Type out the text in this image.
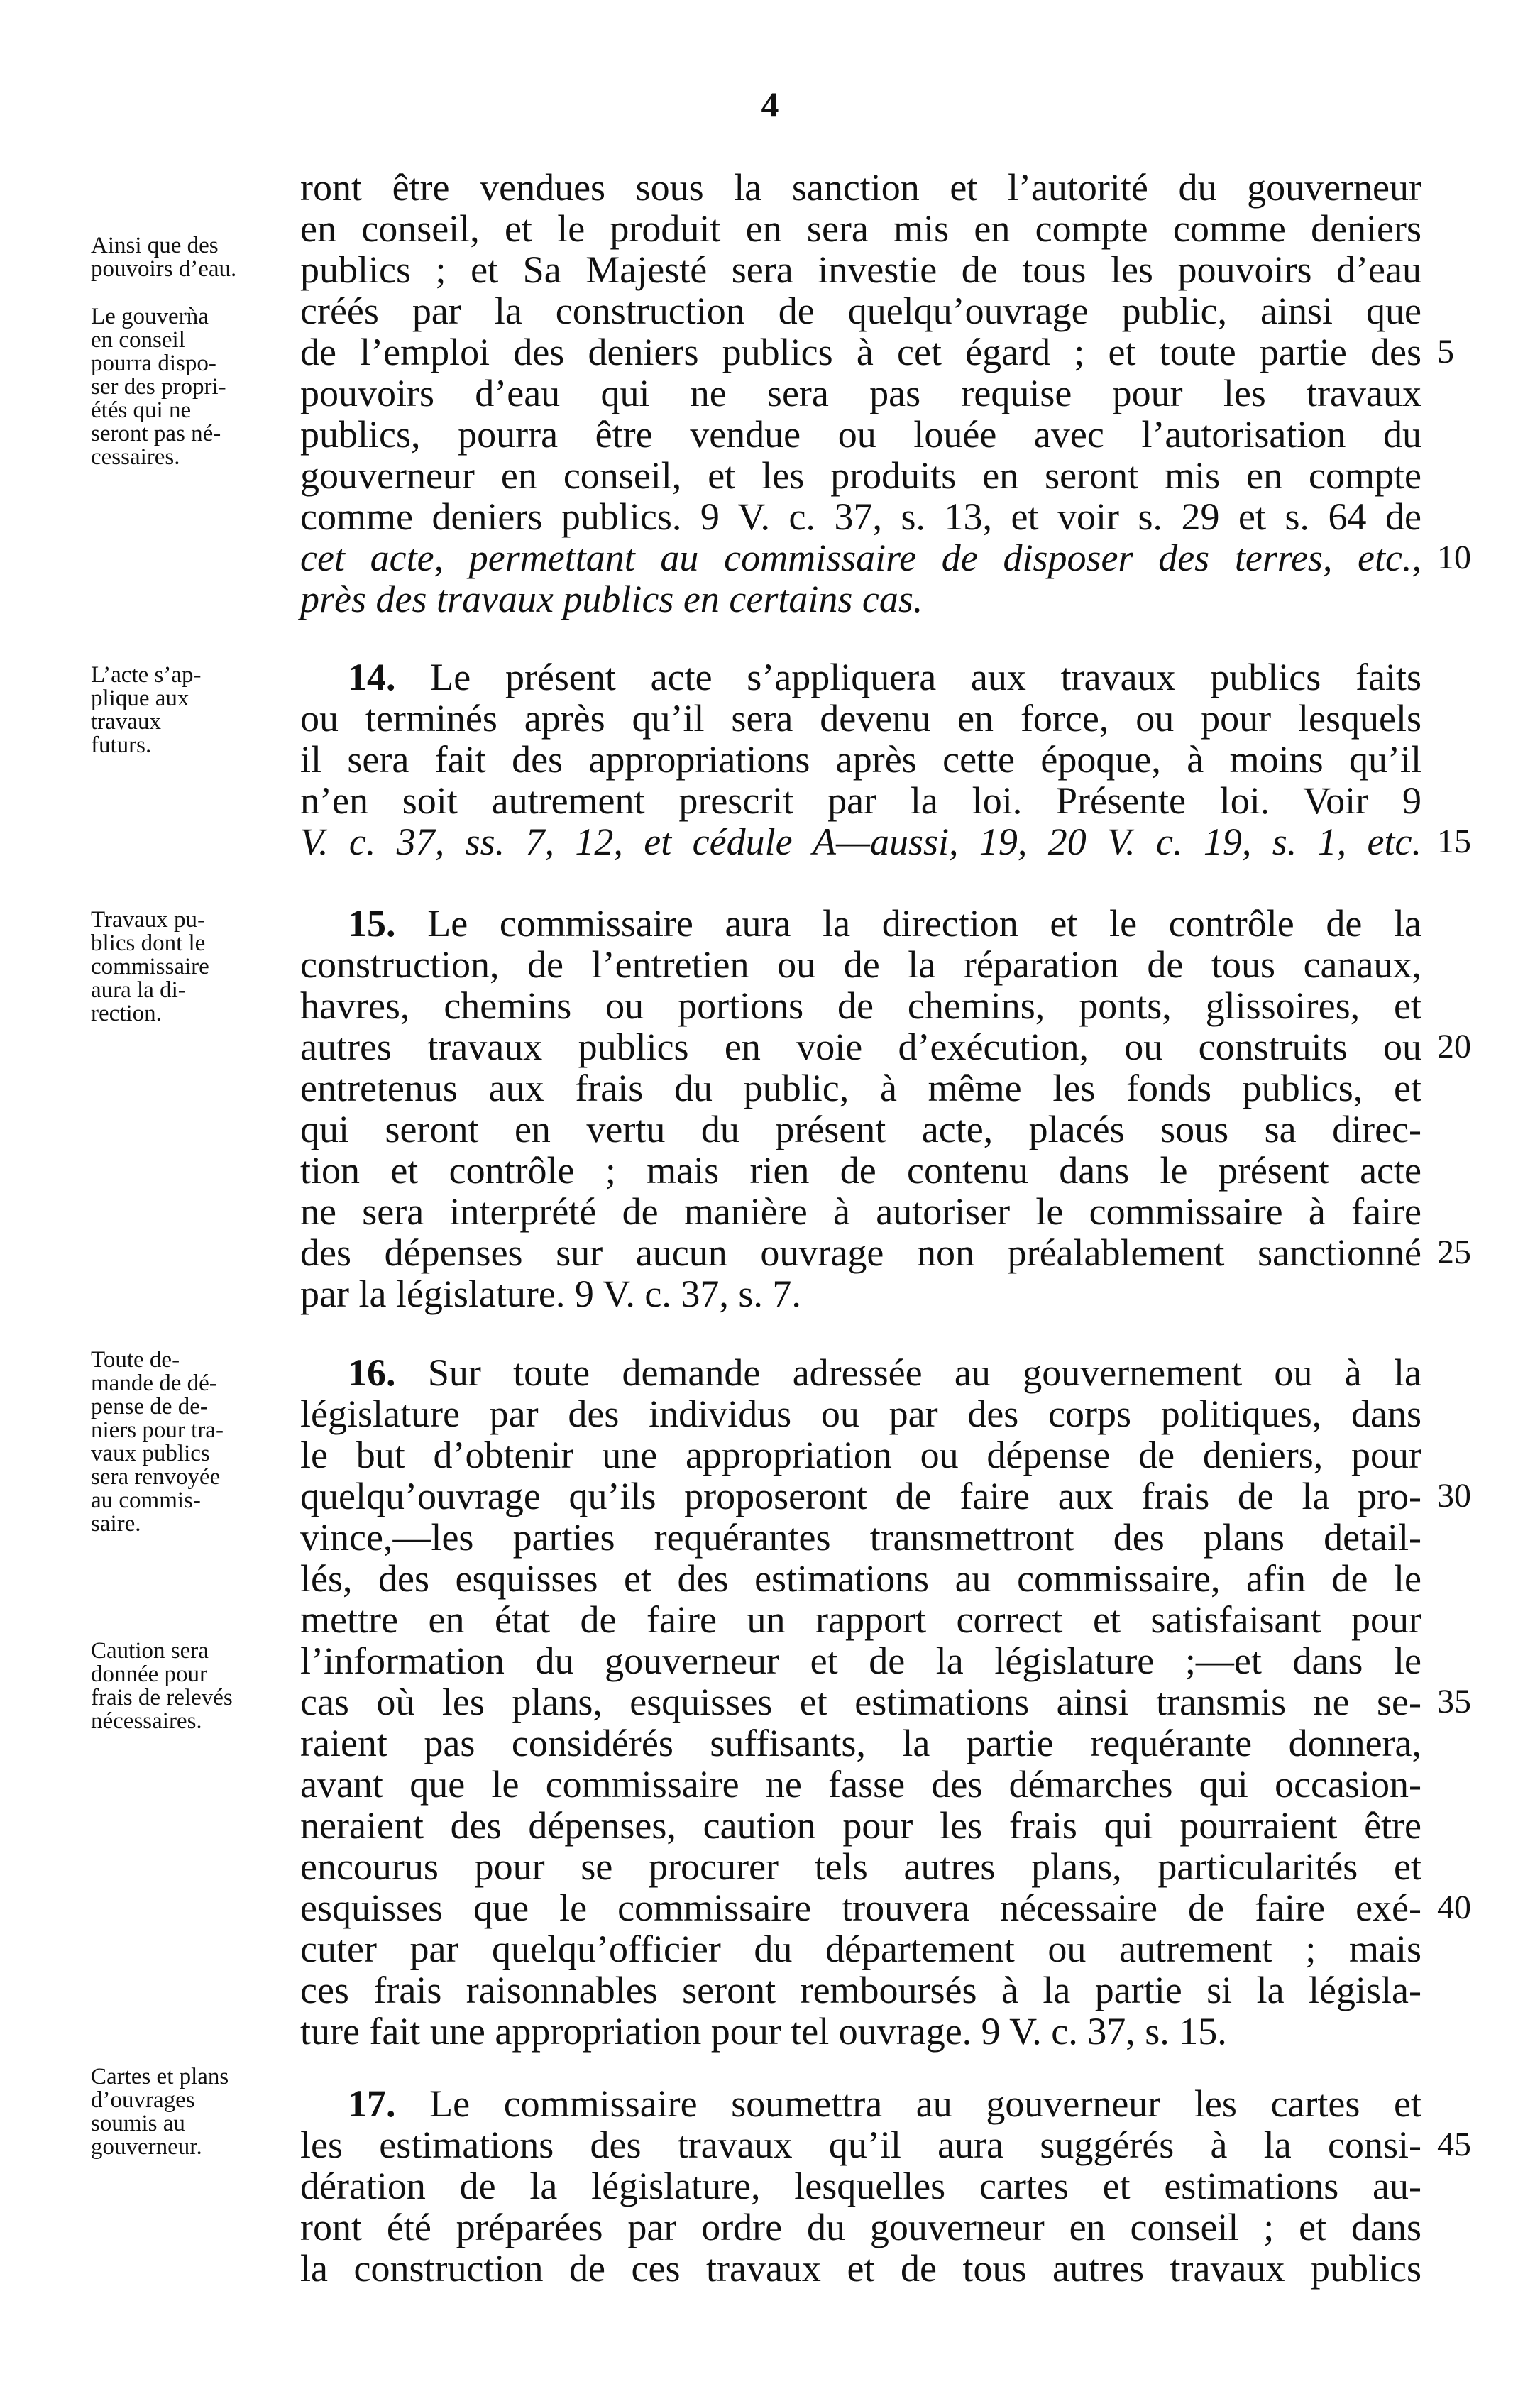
4
Ainsi que des
pouvoirs d’eau.
Le gouverǹa
en conseil
pourra dispo-
ser des propri-
étés qui ne
seront pas né-
cessaires.
L’acte s’ap-
plique aux
travaux
futurs.
Travaux pu-
blics dont le
commissaire
aura la di-
rection.
Toute de-
mande de dé-
pense de de-
niers pour tra-
vaux publics
sera renvoyée
au commis-
saire.
Caution sera
donnée pour
frais de relevés
nécessaires.
Cartes et plans
d’ouvrages
soumis au
gouverneur.
ront être vendues sous la sanction et l’autorité du gouverneur
en conseil, et le produit en sera mis en compte comme deniers
publics ; et Sa Majesté sera investie de tous les pouvoirs d’eau
créés par la construction de quelqu’ouvrage public, ainsi que
de l’emploi des deniers publics à cet égard ; et toute partie des
pouvoirs d’eau qui ne sera pas requise pour les travaux
publics, pourra être vendue ou louée avec l’autorisation du
gouverneur en conseil, et les produits en seront mis en compte
comme deniers publics. 9 V. c. 37, s. 13, et voir s. 29 et s. 64 de
cet acte, permettant au commissaire de disposer des terres, etc.,
près des travaux publics en certains cas.
14. Le présent acte s’appliquera aux travaux publics faits
ou terminés après qu’il sera devenu en force, ou pour lesquels
il sera fait des appropriations après cette époque, à moins qu’il
n’en soit autrement prescrit par la loi. Présente loi. Voir 9
V. c. 37, ss. 7, 12, et cédule A—aussi, 19, 20 V. c. 19, s. 1, etc.
15. Le commissaire aura la direction et le contrôle de la
construction, de l’entretien ou de la réparation de tous canaux,
havres, chemins ou portions de chemins, ponts, glissoires, et
autres travaux publics en voie d’exécution, ou construits ou
entretenus aux frais du public, à même les fonds publics, et
qui seront en vertu du présent acte, placés sous sa direc-
tion et contrôle ; mais rien de contenu dans le présent acte
ne sera interprété de manière à autoriser le commissaire à faire
des dépenses sur aucun ouvrage non préalablement sanctionné
par la législature. 9 V. c. 37, s. 7.
16. Sur toute demande adressée au gouvernement ou à la
législature par des individus ou par des corps politiques, dans
le but d’obtenir une appropriation ou dépense de deniers, pour
quelqu’ouvrage qu’ils proposeront de faire aux frais de la pro-
vince,—les parties requérantes transmettront des plans detail-
lés, des esquisses et des estimations au commissaire, afin de le
mettre en état de faire un rapport correct et satisfaisant pour
l’information du gouverneur et de la législature ;—et dans le
cas où les plans, esquisses et estimations ainsi transmis ne se-
raient pas considérés suffisants, la partie requérante donnera,
avant que le commissaire ne fasse des démarches qui occasion-
neraient des dépenses, caution pour les frais qui pourraient être
encourus pour se procurer tels autres plans, particularités et
esquisses que le commissaire trouvera nécessaire de faire exé-
cuter par quelqu’officier du département ou autrement ; mais
ces frais raisonnables seront remboursés à la partie si la législa-
ture fait une appropriation pour tel ouvrage. 9 V. c. 37, s. 15.
17. Le commissaire soumettra au gouverneur les cartes et
les estimations des travaux qu’il aura suggérés à la consi-
dération de la législature, lesquelles cartes et estimations au-
ront été préparées par ordre du gouverneur en conseil ; et dans
la construction de ces travaux et de tous autres travaux publics
5
10
15
20
25
30
35
40
45
